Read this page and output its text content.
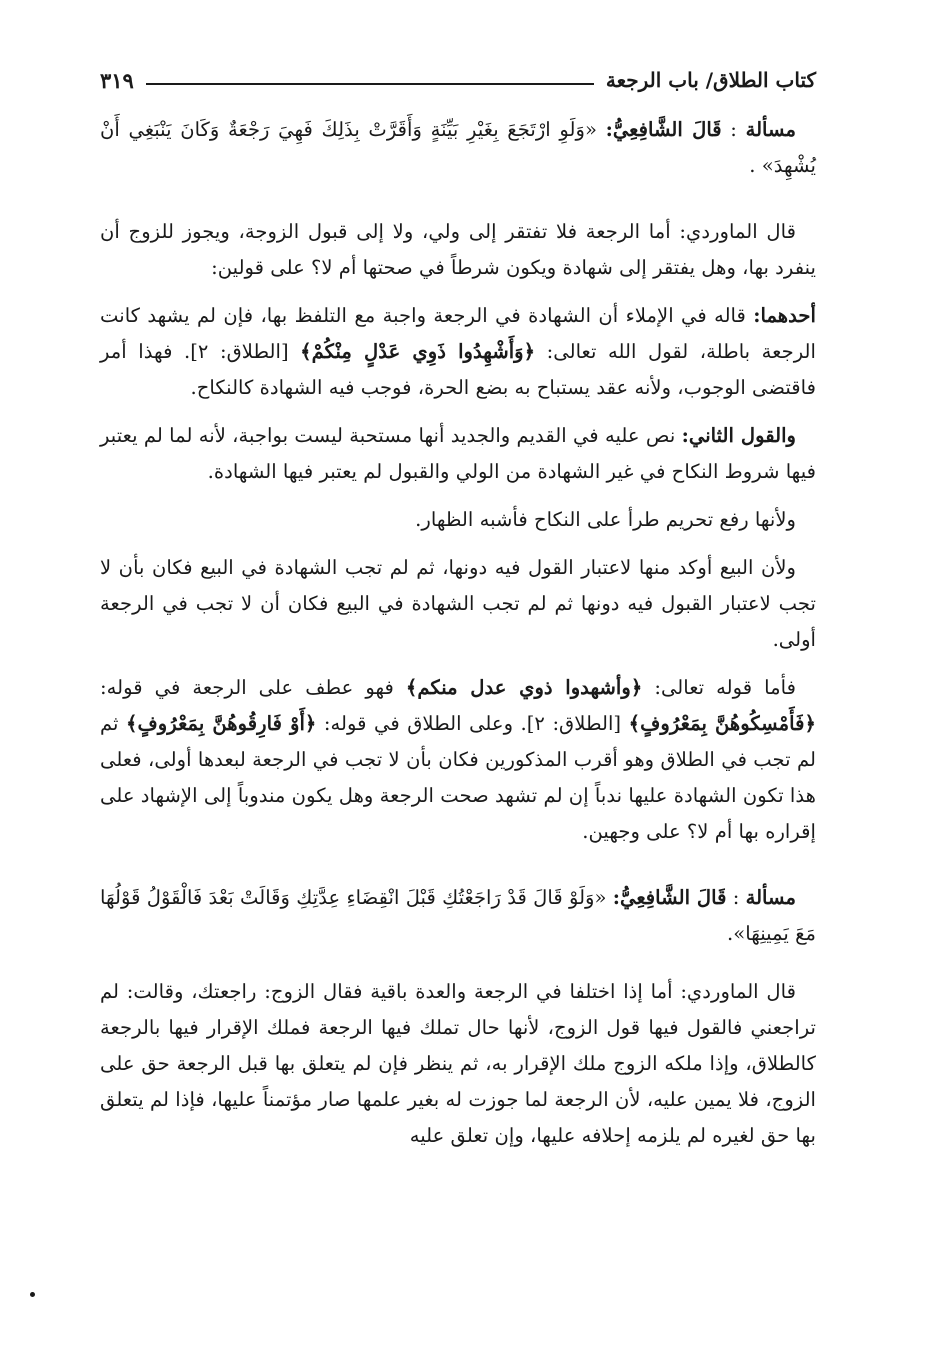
كتاب الطلاق/ باب الرجعة
٣١٩

مسألة : قَالَ الشَّافِعِيُّ: «وَلَوِ ارْتَجَعَ بِغَيْرِ بَيِّنَةٍ وَأَقَرَّتْ بِذَلِكَ فَهِيَ رَجْعَةٌ وَكَانَ يَنْبَغِي أَنْ يُشْهِدَ» .

قال الماوردي: أما الرجعة فلا تفتقر إلى ولي، ولا إلى قبول الزوجة، ويجوز للزوج أن ينفرد بها، وهل يفتقر إلى شهادة ويكون شرطاً في صحتها أم لا؟ على قولين:

أحدهما: قاله في الإملاء أن الشهادة في الرجعة واجبة مع التلفظ بها، فإن لم يشهد كانت الرجعة باطلة، لقول الله تعالى: ﴿وَأَشْهِدُوا ذَوِي عَدْلٍ مِنْكُمْ﴾ [الطلاق: ٢]. فهذا أمر فاقتضى الوجوب، ولأنه عقد يستباح به بضع الحرة، فوجب فيه الشهادة كالنكاح.

والقول الثاني: نص عليه في القديم والجديد أنها مستحبة ليست بواجبة، لأنه لما لم يعتبر فيها شروط النكاح في غير الشهادة من الولي والقبول لم يعتبر فيها الشهادة.

ولأنها رفع تحريم طرأ على النكاح فأشبه الظهار.

ولأن البيع أوكد منها لاعتبار القول فيه دونها، ثم لم تجب الشهادة في البيع فكان بأن لا تجب لاعتبار القبول فيه دونها ثم لم تجب الشهادة في البيع فكان أن لا تجب في الرجعة أولى.

فأما قوله تعالى: ﴿وأشهدوا ذوي عدل منكم﴾ فهو عطف على الرجعة في قوله: ﴿فَأَمْسِكُوهُنَّ بِمَعْرُوفٍ﴾ [الطلاق: ٢]. وعلى الطلاق في قوله: ﴿أَوْ فَارِقُوهُنَّ بِمَعْرُوفٍ﴾ ثم لم تجب في الطلاق وهو أقرب المذكورين فكان بأن لا تجب في الرجعة لبعدها أولى، فعلى هذا تكون الشهادة عليها ندباً إن لم تشهد صحت الرجعة وهل يكون مندوباً إلى الإشهاد على إقراره بها أم لا؟ على وجهين.

مسألة : قَالَ الشَّافِعِيُّ: «وَلَوْ قَالَ قَدْ رَاجَعْتُكِ قَبْلَ انْقِضَاءِ عِدَّتِكِ وَقَالَتْ بَعْدَ فَالْقَوْلُ قَوْلُهَا مَعَ يَمِينِهَا».

قال الماوردي: أما إذا اختلفا في الرجعة والعدة باقية فقال الزوج: راجعتك، وقالت: لم تراجعني فالقول فيها قول الزوج، لأنها حال تملك فيها الرجعة فملك الإقرار فيها بالرجعة كالطلاق، وإذا ملكه الزوج ملك الإقرار به، ثم ينظر فإن لم يتعلق بها قبل الرجعة حق على الزوج، فلا يمين عليه، لأن الرجعة لما جوزت له بغير علمها صار مؤتمناً عليها، فإذا لم يتعلق بها حق لغيره لم يلزمه إحلافه عليها، وإن تعلق عليه
